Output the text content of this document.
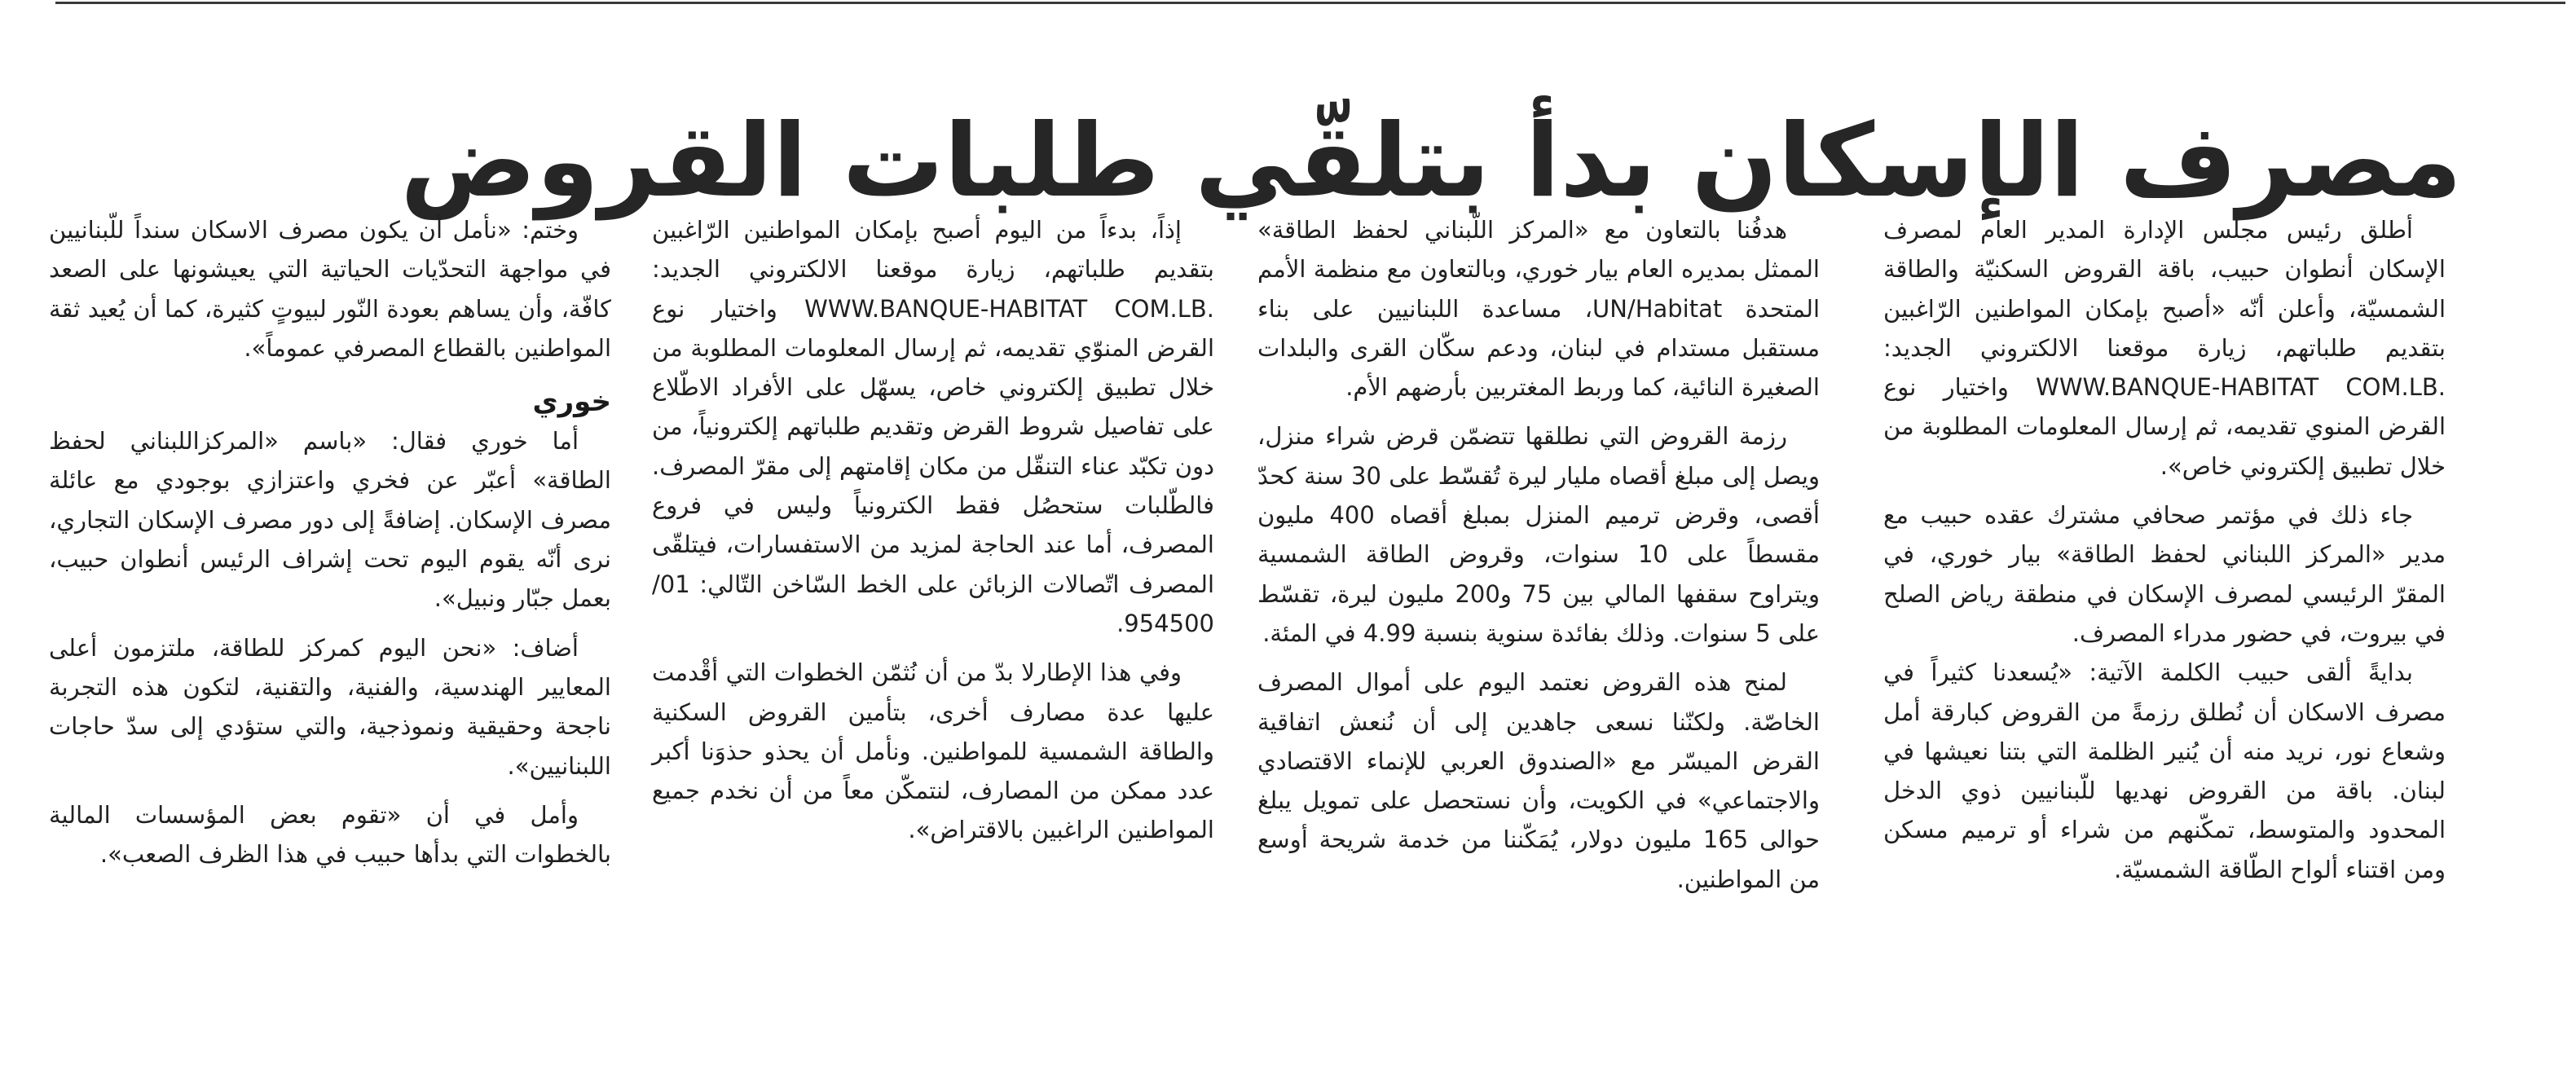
مصرف الإسكان بدأ بتلقّي طلبات القروض

أطلق رئيس مجلس الإدارة المدير العام لمصرف الإسكان أنطوان حبيب، باقة القروض السكنيّة والطاقة الشمسيّة، وأعلن أنّه «أصبح بإمكان المواطنين الرّاغبين بتقديم طلباتهم، زيارة موقعنا الالكتروني الجديد: .WWW.BANQUE-HABITAT COM.LB واختيار نوع القرض المنوي تقديمه، ثم إرسال المعلومات المطلوبة من خلال تطبيق إلكتروني خاص».

جاء ذلك في مؤتمر صحافي مشترك عقده حبيب مع مدير «المركز اللبناني لحفظ الطاقة» بيار خوري، في المقرّ الرئيسي لمصرف الإسكان في منطقة رياض الصلح في بيروت، في حضور مدراء المصرف.

بدايةً ألقى حبيب الكلمة الآتية: «يُسعدنا كثيراً في مصرف الاسكان أن نُطلق رزمةً من القروض كبارقة أمل وشعاع نور، نريد منه أن يُنير الظلمة التي بتنا نعيشها في لبنان. باقة من القروض نهديها للّبنانيين ذوي الدخل المحدود والمتوسط، تمكّنهم من شراء أو ترميم مسكن ومن اقتناء ألواح الطّاقة الشمسيّة.

هدفُنا بالتعاون مع «المركز اللّبناني لحفظ الطاقة» الممثل بمديره العام بيار خوري، وبالتعاون مع منظمة الأمم المتحدة UN/Habitat، مساعدة اللبنانيين على بناء مستقبل مستدام في لبنان، ودعم سكّان القرى والبلدات الصغيرة النائية، كما وربط المغتربين بأرضهم الأم.

رزمة القروض التي نطلقها تتضمّن قرض شراء منزل، ويصل إلى مبلغ أقصاه مليار ليرة تُقسّط على 30 سنة كحدّ أقصى، وقرض ترميم المنزل بمبلغ أقصاه 400 مليون مقسطاً على 10 سنوات، وقروض الطاقة الشمسية ويتراوح سقفها المالي بين 75 و200 مليون ليرة، تقسّط على 5 سنوات. وذلك بفائدة سنوية بنسبة 4.99 في المئة.

لمنح هذه القروض نعتمد اليوم على أموال المصرف الخاصّة. ولكنّنا نسعى جاهدين إلى أن نُنعش اتفاقية القرض الميسّر مع «الصندوق العربي للإنماء الاقتصادي والاجتماعي» في الكويت، وأن نستحصل على تمويل يبلغ حوالى 165 مليون دولار، يُمَكّننا من خدمة شريحة أوسع من المواطنين.

إذاً، بدءاً من اليوم أصبح بإمكان المواطنين الرّاغبين بتقديم طلباتهم، زيارة موقعنا الالكتروني الجديد: .WWW.BANQUE-HABITAT COM.LB واختيار نوع القرض المنوّي تقديمه، ثم إرسال المعلومات المطلوبة من خلال تطبيق إلكتروني خاص، يسهّل على الأفراد الاطّلاع على تفاصيل شروط القرض وتقديم طلباتهم إلكترونياً، من دون تكبّد عناء التنقّل من مكان إقامتهم إلى مقرّ المصرف. فالطّلبات ستحصُل فقط الكترونياً وليس في فروع المصرف، أما عند الحاجة لمزيد من الاستفسارات، فيتلقّى المصرف اتّصالات الزبائن على الخط السّاخن التّالي: 01/ 954500.

وفي هذا الإطارلا بدّ من أن نُثمّن الخطوات التي أقْدمت عليها عدة مصارف أخرى، بتأمين القروض السكنية والطاقة الشمسية للمواطنين. ونأمل أن يحذو حذوَنا أكبر عدد ممكن من المصارف، لنتمكّن معاً من أن نخدم جميع المواطنين الراغبين بالاقتراض».

وختم: «نأمل أن يكون مصرف الاسكان سنداً للّبنانيين في مواجهة التحدّيات الحياتية التي يعيشونها على الصعد كافّة، وأن يساهم بعودة النّور لبيوتٍ كثيرة، كما أن يُعيد ثقة المواطنين بالقطاع المصرفي عموماً».

خوري

أما خوري فقال: «باسم «المركزاللبناني لحفظ الطاقة» أعبّر عن فخري واعتزازي بوجودي مع عائلة مصرف الإسكان. إضافةً إلى دور مصرف الإسكان التجاري، نرى أنّه يقوم اليوم تحت إشراف الرئيس أنطوان حبيب، بعمل جبّار ونبيل».

أضاف: «نحن اليوم كمركز للطاقة، ملتزمون أعلى المعايير الهندسية، والفنية، والتقنية، لتكون هذه التجربة ناجحة وحقيقية ونموذجية، والتي ستؤدي إلى سدّ حاجات اللبنانيين».

وأمل في أن «تقوم بعض المؤسسات المالية بالخطوات التي بدأها حبيب في هذا الظرف الصعب».
